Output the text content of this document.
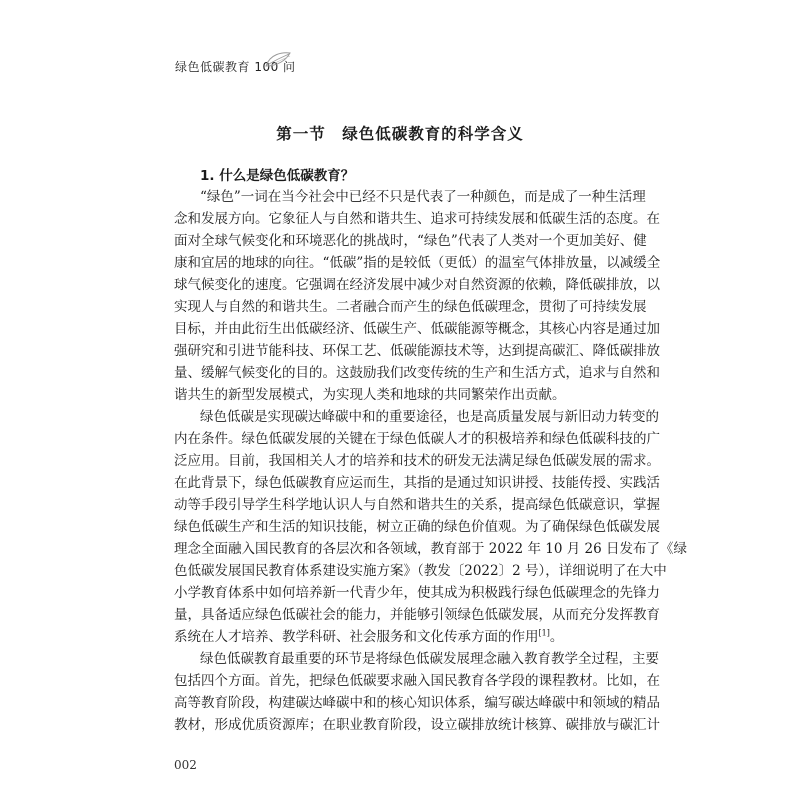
绿色低碳教育 100 问
第一节　绿色低碳教育的科学含义
1. 什么是绿色低碳教育？
“绿色”一词在当今社会中已经不只是代表了一种颜色，而是成了一种生活理
念和发展方向。它象征人与自然和谐共生、追求可持续发展和低碳生活的态度。在
面对全球气候变化和环境恶化的挑战时，“绿色”代表了人类对一个更加美好、健
康和宜居的地球的向往。“低碳”指的是较低（更低）的温室气体排放量，以减缓全
球气候变化的速度。它强调在经济发展中减少对自然资源的依赖，降低碳排放，以
实现人与自然的和谐共生。二者融合而产生的绿色低碳理念，贯彻了可持续发展
目标，并由此衍生出低碳经济、低碳生产、低碳能源等概念，其核心内容是通过加
强研究和引进节能科技、环保工艺、低碳能源技术等，达到提高碳汇、降低碳排放
量、缓解气候变化的目的。这鼓励我们改变传统的生产和生活方式，追求与自然和
谐共生的新型发展模式，为实现人类和地球的共同繁荣作出贡献。
绿色低碳是实现碳达峰碳中和的重要途径，也是高质量发展与新旧动力转变的
内在条件。绿色低碳发展的关键在于绿色低碳人才的积极培养和绿色低碳科技的广
泛应用。目前，我国相关人才的培养和技术的研发无法满足绿色低碳发展的需求。
在此背景下，绿色低碳教育应运而生，其指的是通过知识讲授、技能传授、实践活
动等手段引导学生科学地认识人与自然和谐共生的关系，提高绿色低碳意识，掌握
绿色低碳生产和生活的知识技能，树立正确的绿色价值观。为了确保绿色低碳发展
理念全面融入国民教育的各层次和各领域，教育部于 2022 年 10 月 26 日发布了《绿
色低碳发展国民教育体系建设实施方案》（教发〔2022〕2 号），详细说明了在大中
小学教育体系中如何培养新一代青少年，使其成为积极践行绿色低碳理念的先锋力
量，具备适应绿色低碳社会的能力，并能够引领绿色低碳发展，从而充分发挥教育
系统在人才培养、教学科研、社会服务和文化传承方面的作用[1]。
绿色低碳教育最重要的环节是将绿色低碳发展理念融入教育教学全过程，主要
包括四个方面。首先，把绿色低碳要求融入国民教育各学段的课程教材。比如，在
高等教育阶段，构建碳达峰碳中和的核心知识体系，编写碳达峰碳中和领域的精品
教材，形成优质资源库；在职业教育阶段，设立碳排放统计核算、碳排放与碳汇计
002
